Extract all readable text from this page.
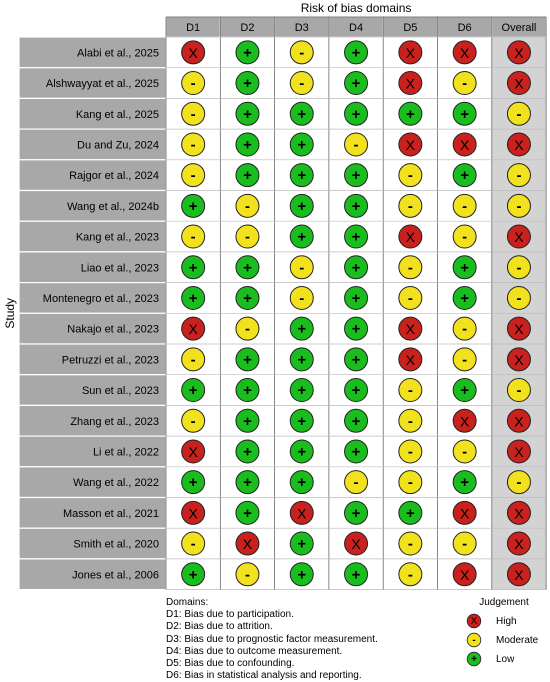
Risk of bias domains
Study
D1	D2	D3	D4	D5	D6	Overall
Alabi et al., 2025 X	+	-	+	X	X	X
Alshwayyat et al., 2025 -	+	-	+	X	-	X
Kang et al., 2025 -	+	+	+	+	+	-
Du and Zu, 2024 -	+	+	-	X	X	X
Rajgor et al., 2024 -	+	+	+	-	+	-
Wang et al., 2024b +	-	+	+	-	-	-
Kang et al., 2023 -	-	+	+	X	-	X
Liao et al., 2023 +	+	-	+	-	+	-
Montenegro et al., 2023 +	+	-	+	-	+	-
Nakajo et al., 2023 X	-	+	+	X	-	X
Petruzzi et al., 2023 -	+	+	+	X	-	X
Sun et al., 2023 +	+	+	+	-	+	-
Zhang et al., 2023 -	+	+	+	-	X	X
Li et al., 2022 X	+	+	+	-	-	X
Wang et al., 2022 +	+	+	-	-	+	-
Masson et al., 2021 X	+	X	+	+	X	X
Smith et al., 2020 -	X	+	X	-	-	X
Jones et al., 2006 +	-	+	+	-	X	X
Domains:
D1: Bias due to participation.
D2: Bias due to attrition.
D3: Bias due to prognostic factor measurement.
D4: Bias due to outcome measurement.
D5: Bias due to confounding.
D6: Bias in statistical analysis and reporting.
Judgement
X High
- Moderate
+ Low
